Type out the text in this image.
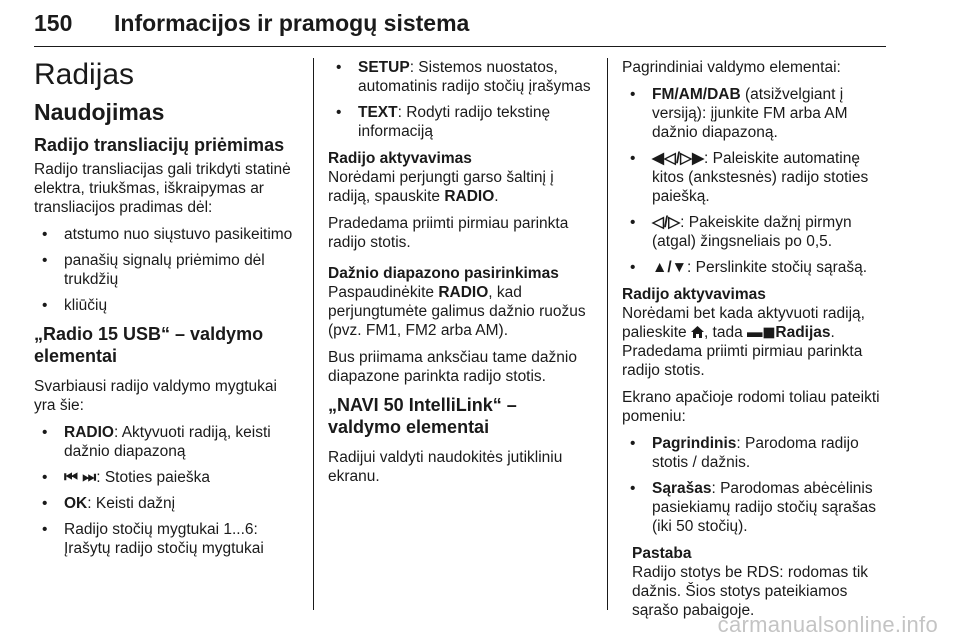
150 Informacijos ir pramogų sistema
Radijas
Naudojimas
Radijo transliacijų priėmimas

Radijo transliacijas gali trikdyti statinė elektra, triukšmas, iškraipymas ar transliacijos pradimas dėl:

• atstumo nuo siųstuvo pasikeitimo
• panašių signalų priėmimo dėl trukdžių
• kliūčių
„Radio 15 USB“ – valdymo elementai

Svarbiausi radijo valdymo mygtukai yra šie:

• RADIO: Aktyvuoti radiją, keisti dažnio diapazoną
• ⏮ ⏭: Stoties paieška
• OK: Keisti dažnį
• Radijo stočių mygtukai 1...6: Įrašytų radijo stočių mygtukai
• SETUP: Sistemos nuostatos, automatinis radijo stočių įrašymas
• TEXT: Rodyti radijo tekstinę informaciją
Radijo aktyvavimas

Norėdami perjungti garso šaltinį į radiją, spauskite RADIO.

Pradedama priimti pirmiau parinkta radijo stotis.

Dažnio diapazono pasirinkimas

Paspaudinėkite RADIO, kad perjungtumėte galimus dažnio ruožus (pvz. FM1, FM2 arba AM).

Bus priimama anksčiau tame dažnio diapazone parinkta radijo stotis.

„NAVI 50 IntelliLink“ – valdymo elementai

Radijui valdyti naudokitės jutikliniu ekranu.

Pagrindiniai valdymo elementai:

• FM/AM/DAB (atsižvelgiant į versiją): įjunkite FM arba AM dažnio diapazoną.
• ◀◁/▷▶: Paleiskite automatinę kitos (ankstesnės) radijo stoties paiešką.
• ◁/▷: Pakeiskite dažnį pirmyn (atgal) žingsneliais po 0,5.
• ▲/▼: Perslinkite stočių sąrašą.
Radijo aktyvavimas

Norėdami bet kada aktyvuoti radiją, palieskite , tada ▬◼Radijas.

Pradedama priimti pirmiau parinkta radijo stotis.

Ekrano apačioje rodomi toliau pateikti pomeniu:

• Pagrindinis: Parodoma radijo stotis / dažnis.
• Sąrašas: Parodomas abėcėlinis pasiekiamų radijo stočių sąrašas (iki 50 stočių).
Pastaba

Radijo stotys be RDS: rodomas tik dažnis. Šios stotys pateikiamos sąrašo pabaigoje.

carmanualsonline.info
